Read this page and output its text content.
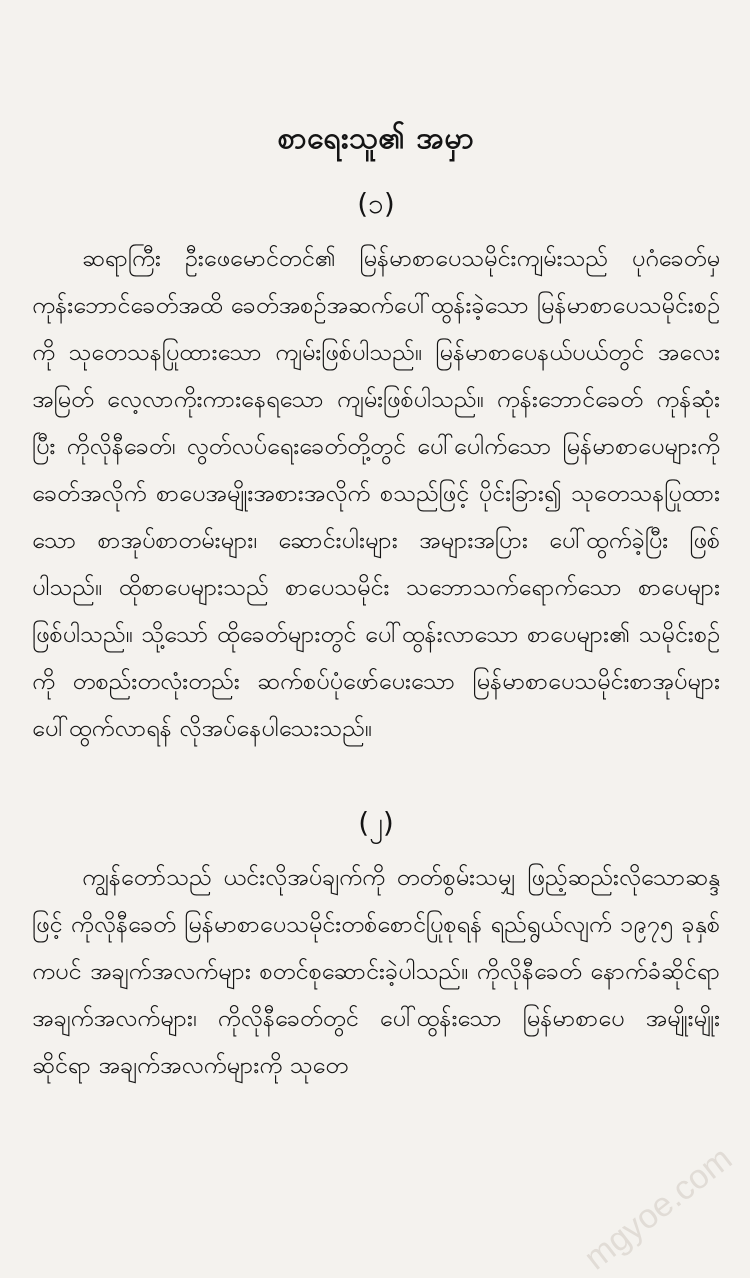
စာရေးသူ၏ အမှာ
(၁)

ဆရာကြီး ဦးဖေမောင်တင်၏ မြန်မာစာပေသမိုင်းကျမ်းသည် ပုဂံခေတ်မှ ကုန်းဘောင်ခေတ်အထိ ခေတ်အစဉ်အဆက်ပေါ်ထွန်းခဲ့သော မြန်မာစာပေသမိုင်းစဉ်ကို သုတေသနပြုထားသော ကျမ်းဖြစ်ပါသည်။ မြန်မာစာပေနယ်ပယ်တွင် အလေးအမြတ် လေ့လာကိုးကားနေရသော ကျမ်းဖြစ်ပါသည်။ ကုန်းဘောင်ခေတ် ကုန်ဆုံးပြီး ကိုလိုနီခေတ်၊ လွတ်လပ်ရေးခေတ်တို့တွင် ပေါ်ပေါက်သော မြန်မာစာပေများကို ခေတ်အလိုက် စာပေအမျိုးအစားအလိုက် စသည်ဖြင့် ပိုင်းခြား၍ သုတေသနပြုထားသော စာအုပ်စာတမ်းများ၊ ဆောင်းပါးများ အများအပြား ပေါ်ထွက်ခဲ့ပြီး ဖြစ်ပါသည်။ ထိုစာပေများသည် စာပေသမိုင်း သဘောသက်ရောက်သော စာပေများ ဖြစ်ပါသည်။ သို့သော် ထိုခေတ်များတွင် ပေါ်ထွန်းလာသော စာပေများ၏ သမိုင်းစဉ်ကို တစည်းတလုံးတည်း ဆက်စပ်ပုံဖော်ပေးသော မြန်မာစာပေသမိုင်းစာအုပ်များ ပေါ်ထွက်လာရန် လိုအပ်နေပါသေးသည်။

(၂)

ကျွန်တော်သည် ယင်းလိုအပ်ချက်ကို တတ်စွမ်းသမျှ ဖြည့်ဆည်းလိုသောဆန္ဒဖြင့် ကိုလိုနီခေတ် မြန်မာစာပေသမိုင်းတစ်စောင်ပြုစုရန် ရည်ရွယ်လျက် ၁၉၇၅ ခုနှစ်ကပင် အချက်အလက်များ စတင်စုဆောင်းခဲ့ပါသည်။ ကိုလိုနီခေတ် နောက်ခံဆိုင်ရာ အချက်အလက်များ၊ ကိုလိုနီခေတ်တွင် ပေါ်ထွန်းသော မြန်မာစာပေ အမျိုးမျိုးဆိုင်ရာ အချက်အလက်များကို သုတေ

mgyoe.com
